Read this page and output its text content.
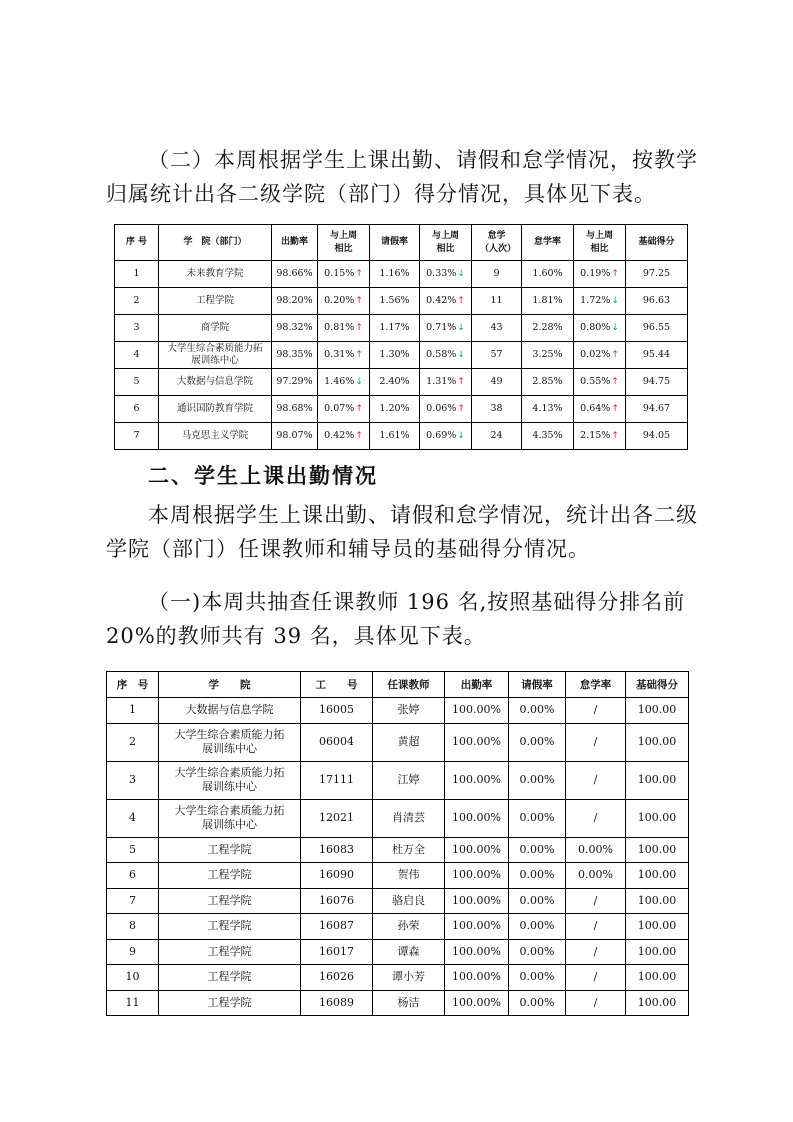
（二）本周根据学生上课出勤、请假和怠学情况，按教学归属统计出各二级学院（部门）得分情况，具体见下表。
序 号	学　院（部门）	出勤率	与上周相比	请假率	与上周相比	怠学（人次）	怠学率	与上周相比	基础得分
1	未来教育学院	98.66%	0.15%↑	1.16%	0.33%↓	9	1.60%	0.19%↑	97.25
2	工程学院	98.20%	0.20%↑	1.56%	0.42%↑	11	1.81%	1.72%↓	96.63
3	商学院	98.32%	0.81%↑	1.17%	0.71%↓	43	2.28%	0.80%↓	96.55
4	大学生综合素质能力拓展训练中心	98.35%	0.31%↑	1.30%	0.58%↓	57	3.25%	0.02%↑	95.44
5	大数据与信息学院	97.29%	1.46%↓	2.40%	1.31%↑	49	2.85%	0.55%↑	94.75
6	通识国防教育学院	98.68%	0.07%↑	1.20%	0.06%↑	38	4.13%	0.64%↑	94.67
7	马克思主义学院	98.07%	0.42%↑	1.61%	0.69%↓	24	4.35%	2.15%↑	94.05
二、学生上课出勤情况
本周根据学生上课出勤、请假和怠学情况，统计出各二级学院（部门）任课教师和辅导员的基础得分情况。
（一)本周共抽查任课教师 196 名,按照基础得分排名前 20%的教师共有 39 名，具体见下表。
序　号	学　　院	工　　号	任课教师	出勤率	请假率	怠学率	基础得分
1	大数据与信息学院	16005	张婷	100.00%	0.00%	/	100.00
2	大学生综合素质能力拓展训练中心	06004	黄超	100.00%	0.00%	/	100.00
3	大学生综合素质能力拓展训练中心	17111	江婷	100.00%	0.00%	/	100.00
4	大学生综合素质能力拓展训练中心	12021	肖清芸	100.00%	0.00%	/	100.00
5	工程学院	16083	杜万全	100.00%	0.00%	0.00%	100.00
6	工程学院	16090	贺伟	100.00%	0.00%	0.00%	100.00
7	工程学院	16076	骆启良	100.00%	0.00%	/	100.00
8	工程学院	16087	孙荣	100.00%	0.00%	/	100.00
9	工程学院	16017	谭森	100.00%	0.00%	/	100.00
10	工程学院	16026	谭小芳	100.00%	0.00%	/	100.00
11	工程学院	16089	杨洁	100.00%	0.00%	/	100.00
